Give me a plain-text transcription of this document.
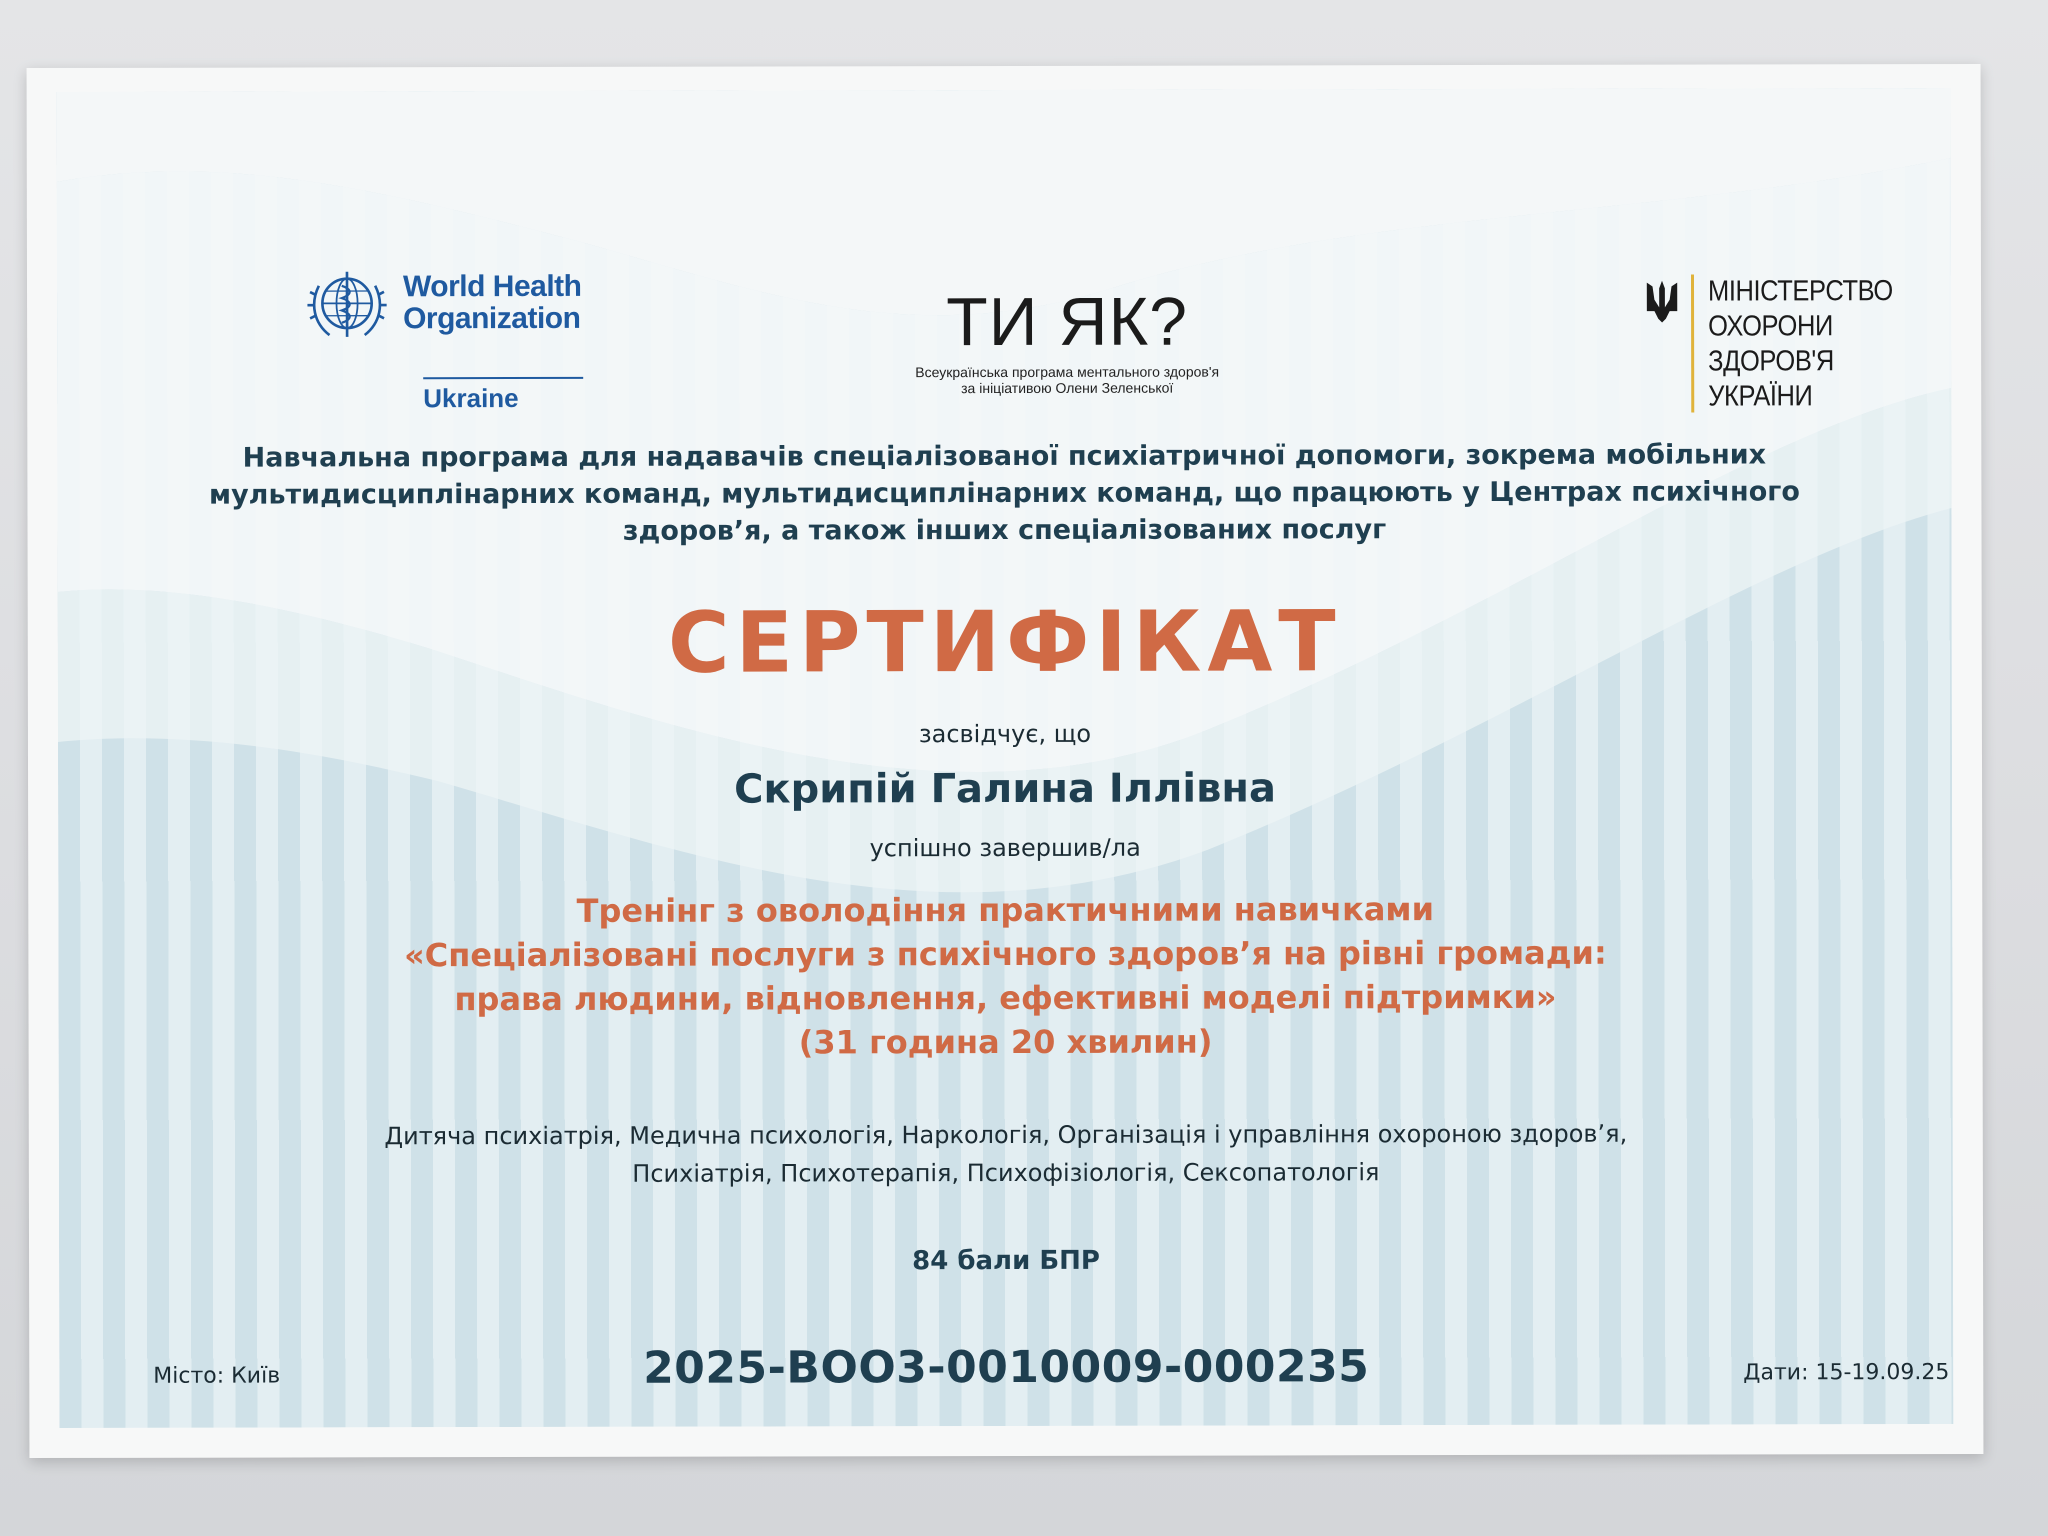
World Health
Organization
Ukraine
ТИ ЯК?
Всеукраїнська програма ментального здоров'я
за ініціативою Олени Зеленської
МІНІСТЕРСТВО
ОХОРОНИ
ЗДОРОВ'Я
УКРАЇНИ
Навчальна програма для надавачів спеціалізованої психіатричної допомоги, зокрема мобільних
мультидисциплінарних команд, мультидисциплінарних команд, що працюють у Центрах психічного
здоров’я, а також інших спеціалізованих послуг
СЕРТИФІКАТ
засвідчує, що
Скрипій Галина Іллівна
успішно завершив/ла
Тренінг з оволодіння практичними навичками
«Спеціалізовані послуги з психічного здоров’я на рівні громади:
права людини, відновлення, ефективні моделі підтримки»
(31 година 20 хвилин)
Дитяча психіатрія, Медична психологія, Наркологія, Організація і управління охороною здоров’я,
Психіатрія, Психотерапія, Психофізіологія, Сексопатологія
84 бали БПР
Місто: Київ	2025-ВОО3-0010009-000235	Дати: 15-19.09.25
